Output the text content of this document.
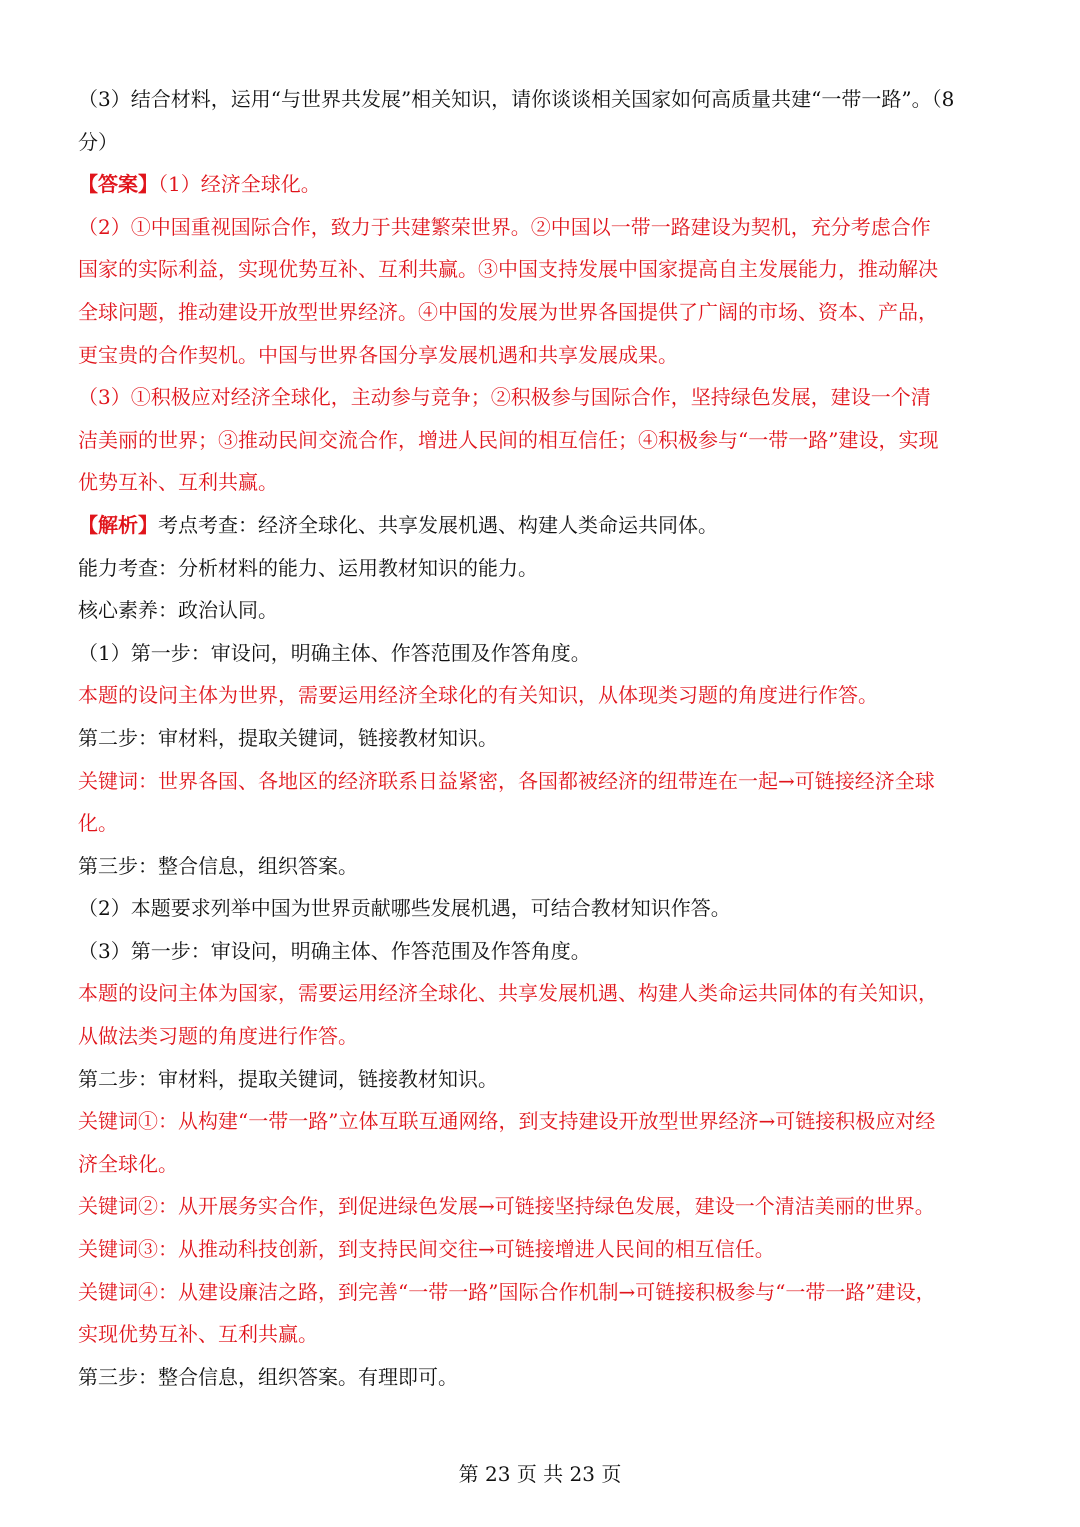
（3）结合材料，运用“与世界共发展”相关知识，请你谈谈相关国家如何高质量共建“一带一路”。（8
分）
【答案】（1）经济全球化。
（2）①中国重视国际合作，致力于共建繁荣世界。②中国以一带一路建设为契机，充分考虑合作
国家的实际利益，实现优势互补、互利共赢。③中国支持发展中国家提高自主发展能力，推动解决
全球问题，推动建设开放型世界经济。④中国的发展为世界各国提供了广阔的市场、资本、产品，
更宝贵的合作契机。中国与世界各国分享发展机遇和共享发展成果。
（3）①积极应对经济全球化，主动参与竞争；②积极参与国际合作，坚持绿色发展，建设一个清
洁美丽的世界；③推动民间交流合作，增进人民间的相互信任；④积极参与“一带一路”建设，实现
优势互补、互利共赢。
【解析】考点考查：经济全球化、共享发展机遇、构建人类命运共同体。
能力考查：分析材料的能力、运用教材知识的能力。
核心素养：政治认同。
（1）第一步：审设问，明确主体、作答范围及作答角度。
本题的设问主体为世界，需要运用经济全球化的有关知识，从体现类习题的角度进行作答。
第二步：审材料，提取关键词，链接教材知识。
关键词：世界各国、各地区的经济联系日益紧密，各国都被经济的纽带连在一起→可链接经济全球
化。
第三步：整合信息，组织答案。
（2）本题要求列举中国为世界贡献哪些发展机遇，可结合教材知识作答。
（3）第一步：审设问，明确主体、作答范围及作答角度。
本题的设问主体为国家，需要运用经济全球化、共享发展机遇、构建人类命运共同体的有关知识，
从做法类习题的角度进行作答。
第二步：审材料，提取关键词，链接教材知识。
关键词①：从构建“一带一路”立体互联互通网络，到支持建设开放型世界经济→可链接积极应对经
济全球化。
关键词②：从开展务实合作，到促进绿色发展→可链接坚持绿色发展，建设一个清洁美丽的世界。
关键词③：从推动科技创新，到支持民间交往→可链接增进人民间的相互信任。
关键词④：从建设廉洁之路，到完善“一带一路”国际合作机制→可链接积极参与“一带一路”建设，
实现优势互补、互利共赢。
第三步：整合信息，组织答案。有理即可。
第 23 页 共 23 页
